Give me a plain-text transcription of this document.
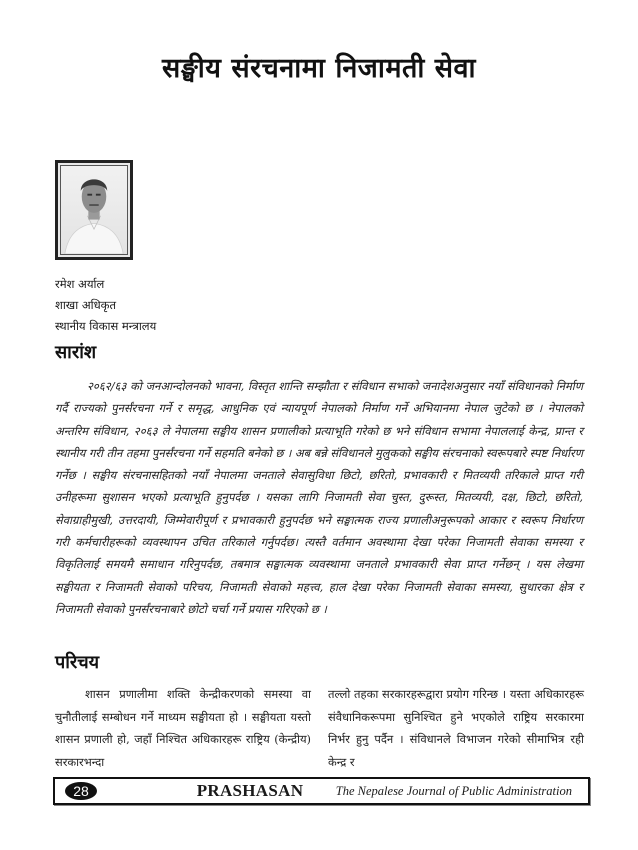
सङ्घीय संरचनामा निजामती सेवा
रमेश अर्याल
शाखा अधिकृत
स्थानीय विकास मन्त्रालय
सारांश
२०६२/६३ को जनआन्दोलनको भावना, विस्तृत शान्ति सम्झौता र संविधान सभाको जनादेशअनुसार नयाँ संविधानको निर्माण गर्दै राज्यको पुनर्संरचना गर्ने र समृद्ध, आधुनिक एवं न्यायपूर्ण नेपालको निर्माण गर्ने अभियानमा नेपाल जुटेको छ । नेपालको अन्तरिम संविधान, २०६३ ले नेपालमा सङ्घीय शासन प्रणालीको प्रत्याभूति गरेको छ भने संविधान सभामा नेपाललाई केन्द्र, प्रान्त र स्थानीय गरी तीन तहमा पुनर्संरचना गर्ने सहमति बनेको छ । अब बन्ने संविधानले मुलुकको सङ्घीय संरचनाको स्वरूपबारे स्पष्ट निर्धारण गर्नेछ । सङ्घीय संरचनासहितको नयाँ नेपालमा जनताले सेवासुविधा छिटो, छरितो, प्रभावकारी र मितव्ययी तरिकाले प्राप्त गरी उनीहरूमा सुशासन भएको प्रत्याभूति हुनुपर्दछ । यसका लागि निजामती सेवा चुस्त, दुरूस्त, मितव्ययी, दक्ष, छिटो, छरितो, सेवाग्राहीमुखी, उत्तरदायी, जिम्मेवारीपूर्ण र प्रभावकारी हुनुपर्दछ भने सङ्घात्मक राज्य प्रणालीअनुरूपको आकार र स्वरूप निर्धारण गरी कर्मचारीहरूको व्यवस्थापन उचित तरिकाले गर्नुपर्दछ। त्यस्तै वर्तमान अवस्थामा देखा परेका निजामती सेवाका समस्या र विकृतिलाई समयमै समाधान गरिनुपर्दछ, तबमात्र सङ्घात्मक व्यवस्थामा जनताले प्रभावकारी सेवा प्राप्त गर्नेछन् । यस लेखमा सङ्घीयता र निजामती सेवाको परिचय, निजामती सेवाको महत्त्व, हाल देखा परेका निजामती सेवाका समस्या, सुधारका क्षेत्र र निजामती सेवाको पुनर्संरचनाबारे छोटो चर्चा गर्ने प्रयास गरिएको छ ।
परिचय
शासन प्रणालीमा शक्ति केन्द्रीकरणको समस्या वा चुनौतीलाई सम्बोधन गर्ने माध्यम सङ्घीयता हो । सङ्घीयता यस्तो शासन प्रणाली हो, जहाँ निश्चित अधिकारहरू राष्ट्रिय (केन्द्रीय) सरकारभन्दा
तल्लो तहका सरकारहरूद्वारा प्रयोग गरिन्छ । यस्ता अधिकारहरू संवैधानिकरूपमा सुनिश्चित हुने भएकोले राष्ट्रिय सरकारमा निर्भर हुनु पर्दैन । संविधानले विभाजन गरेको सीमाभित्र रही केन्द्र र
28	PRASHASAN	The Nepalese Journal of Public Administration
